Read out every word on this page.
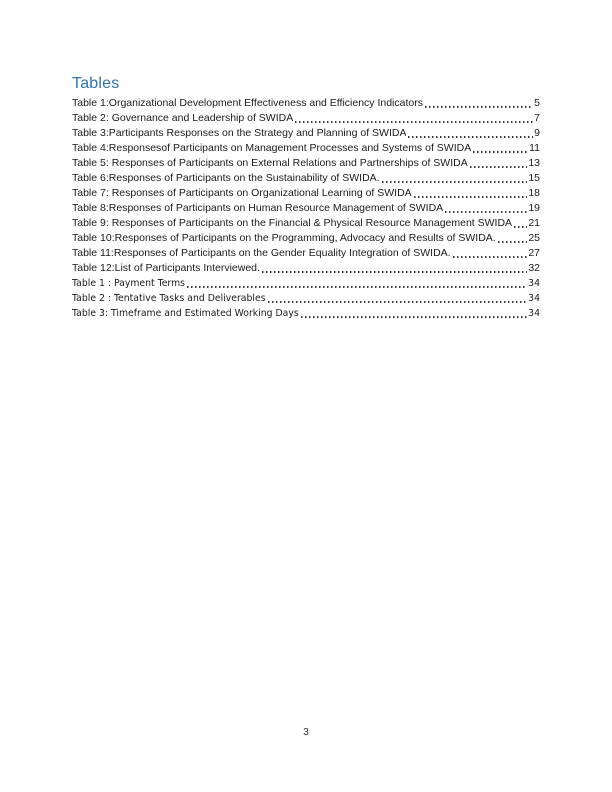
Tables
Table 1:Organizational Development Effectiveness and Efficiency Indicators	5
Table 2: Governance and Leadership of SWIDA	7
Table 3:Participants Responses on the Strategy and Planning of SWIDA	9
Table 4:Responsesof Participants on Management Processes and Systems of SWIDA	11
Table 5: Responses of Participants on External Relations and Partnerships of SWIDA	13
Table 6:Responses of Participants on the Sustainability of SWIDA.	15
Table 7: Responses of Participants on Organizational Learning of SWIDA	18
Table 8:Responses of Participants on Human Resource Management of SWIDA	19
Table 9: Responses of Participants on the Financial & Physical Resource Management SWIDA 21
Table 10:Responses of Participants on the Programming, Advocacy and Results of SWIDA.	25
Table 11:Responses of Participants on the Gender Equality Integration of SWIDA.	27
Table 12:List of Participants Interviewed.	32
Table 1 : Payment Terms	34
Table 2 : Tentative Tasks and Deliverables	34
Table 3: Timeframe and Estimated Working Days	34
3
